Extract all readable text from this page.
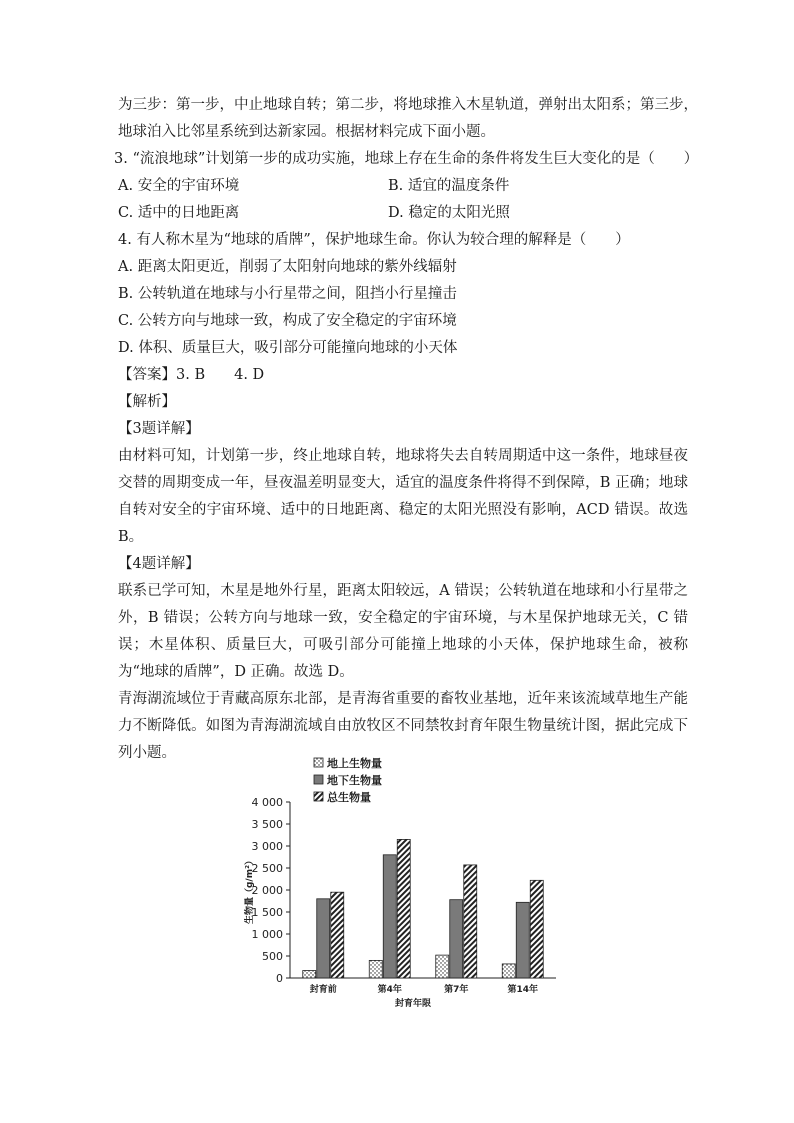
为三步：第一步，中止地球自转；第二步，将地球推入木星轨道，弹射出太阳系；第三步，

地球泊入比邻星系统到达新家园。根据材料完成下面小题。

3. “流浪地球”计划第一步的成功实施，地球上存在生命的条件将发生巨大变化的是（　　）

A. 安全的宇宙环境	B. 适宜的温度条件
C. 适中的日地距离	D. 稳定的太阳光照

4. 有人称木星为“地球的盾牌”，保护地球生命。你认为较合理的解释是（　　）

A. 距离太阳更近，削弱了太阳射向地球的紫外线辐射

B. 公转轨道在地球与小行星带之间，阻挡小行星撞击

C. 公转方向与地球一致，构成了安全稳定的宇宙环境

D. 体积、质量巨大，吸引部分可能撞向地球的小天体

【答案】3. B　　4. D

【解析】

【3题详解】

由材料可知，计划第一步，终止地球自转，地球将失去自转周期适中这一条件，地球昼夜交替的周期变成一年，昼夜温差明显变大，适宜的温度条件将得不到保障，B 正确；地球自转对安全的宇宙环境、适中的日地距离、稳定的太阳光照没有影响，ACD 错误。故选 B。

【4题详解】

联系已学可知，木星是地外行星，距离太阳较远，A 错误；公转轨道在地球和小行星带之外，B 错误；公转方向与地球一致，安全稳定的宇宙环境，与木星保护地球无关，C 错误；木星体积、质量巨大，可吸引部分可能撞上地球的小天体，保护地球生命，被称为“地球的盾牌”，D 正确。故选 D。

青海湖流域位于青藏高原东北部，是青海省重要的畜牧业基地，近年来该流域草地生产能力不断降低。如图为青海湖流域自由放牧区不同禁牧封育年限生物量统计图，据此完成下列小题。

地上生物量
地下生物量
总生物量
0
500
1 000
1 500
2 000
2 500
3 000
3 500
4 000
生物量（g/m²）
封育年限
封育前	第4年	第7年	第14年
